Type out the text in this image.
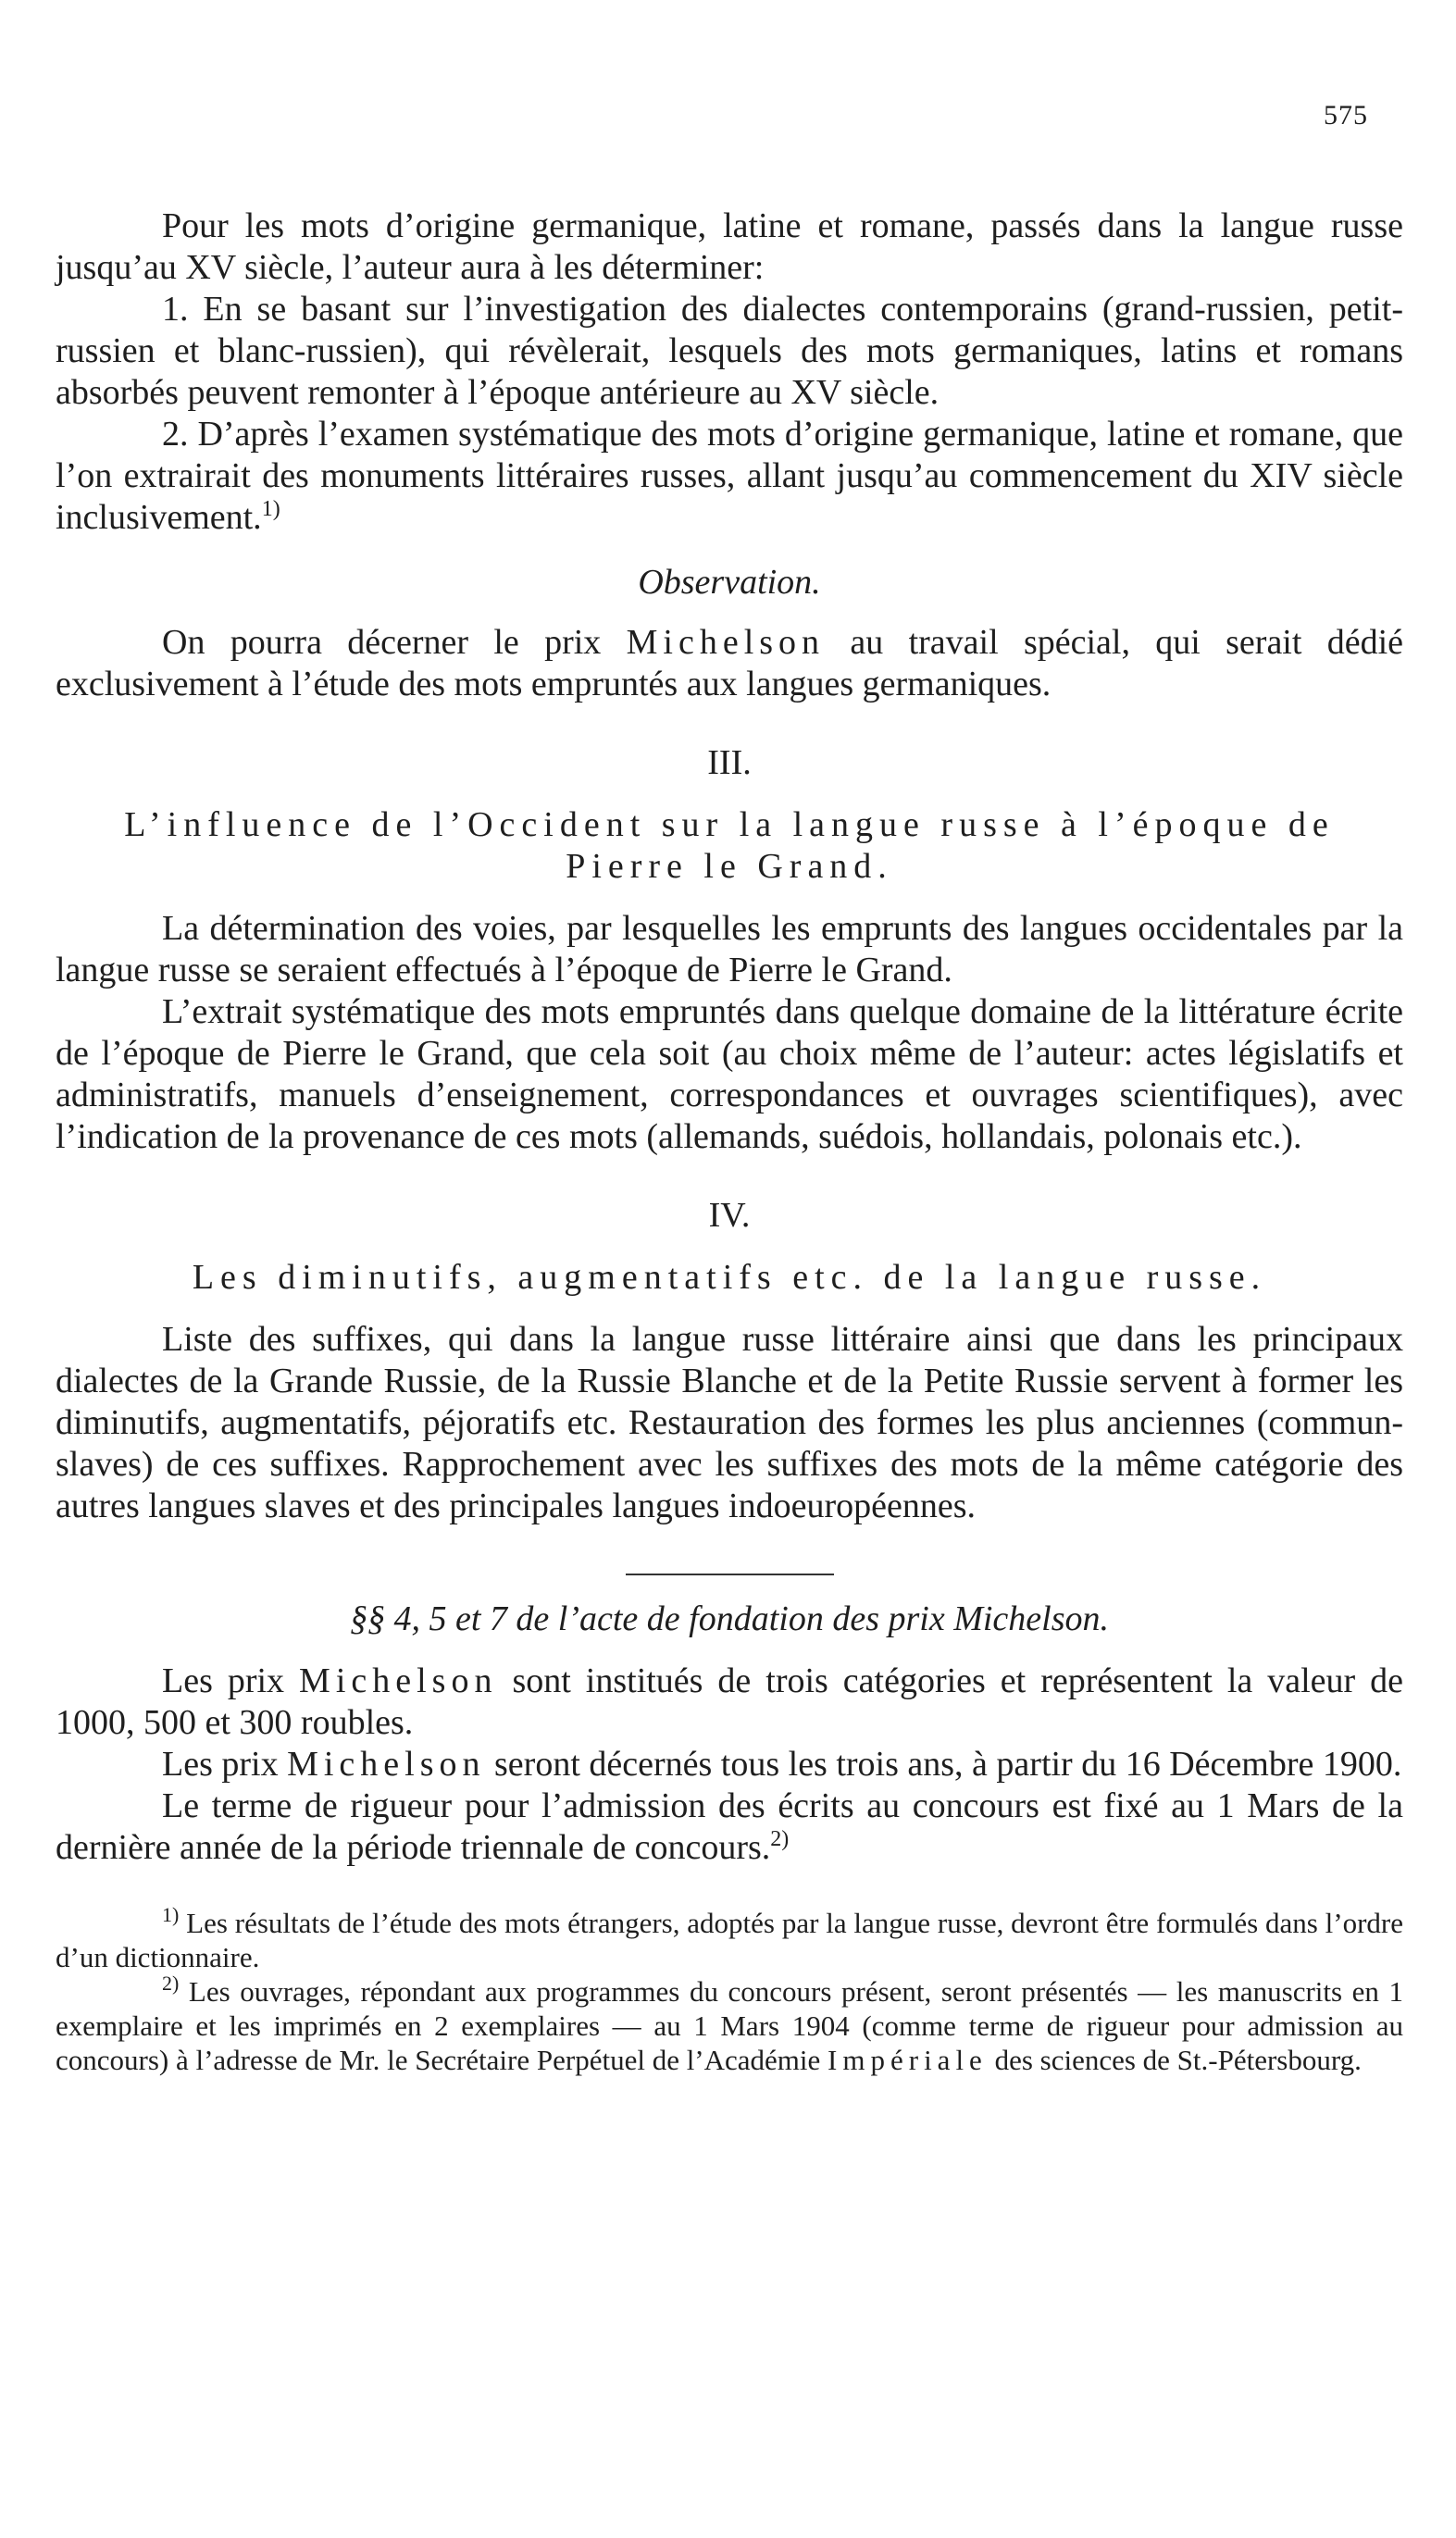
575

Pour les mots d’origine germanique, latine et romane, passés dans la langue russe jusqu’au XV siècle, l’auteur aura à les déterminer:

1. En se basant sur l’investigation des dialectes contemporains (grand-russien, petit-russien et blanc-russien), qui révèlerait, lesquels des mots germaniques, latins et romans absorbés peuvent remonter à l’époque antérieure au XV siècle.

2. D’après l’examen systématique des mots d’origine germanique, latine et romane, que l’on extrairait des monuments littéraires russes, allant jusqu’au commencement du XIV siècle inclusivement.$^{1)}$

Observation.

On pourra décerner le prix Michelson au travail spécial, qui serait dédié exclusivement à l’étude des mots empruntés aux langues germaniques.

III.

L’influence de l’Occident sur la langue russe à l’époque de Pierre le Grand.

La détermination des voies, par lesquelles les emprunts des langues occidentales par la langue russe se seraient effectués à l’époque de Pierre le Grand.

L’extrait systématique des mots empruntés dans quelque domaine de la littérature écrite de l’époque de Pierre le Grand, que cela soit (au choix même de l’auteur: actes législatifs et administratifs, manuels d’enseignement, correspondances et ouvrages scientifiques), avec l’indication de la provenance de ces mots (allemands, suédois, hollandais, polonais etc.).

IV.

Les diminutifs, augmentatifs etc. de la langue russe.

Liste des suffixes, qui dans la langue russe littéraire ainsi que dans les principaux dialectes de la Grande Russie, de la Russie Blanche et de la Petite Russie servent à former les diminutifs, augmentatifs, péjoratifs etc. Restauration des formes les plus anciennes (commun-slaves) de ces suffixes. Rapprochement avec les suffixes des mots de la même catégorie des autres langues slaves et des principales langues indoeuropéennes.

§§ 4, 5 et 7 de l’acte de fondation des prix Michelson.

Les prix Michelson sont institués de trois catégories et représentent la valeur de 1000, 500 et 300 roubles.

Les prix Michelson seront décernés tous les trois ans, à partir du 16 Décembre 1900.

Le terme de rigueur pour l’admission des écrits au concours est fixé au 1 Mars de la dernière année de la période triennale de concours.$^{2)}$

$^{1)}$ Les résultats de l’étude des mots étrangers, adoptés par la langue russe, devront être formulés dans l’ordre d’un dictionnaire.

$^{2)}$ Les ouvrages, répondant aux programmes du concours présent, seront présentés — les manuscrits en 1 exemplaire et les imprimés en 2 exemplaires — au 1 Mars 1904 (comme terme de rigueur pour admission au concours) à l’adresse de Mr. le Secrétaire Perpétuel de l’Académie Impériale des sciences de St.-Pétersbourg.
